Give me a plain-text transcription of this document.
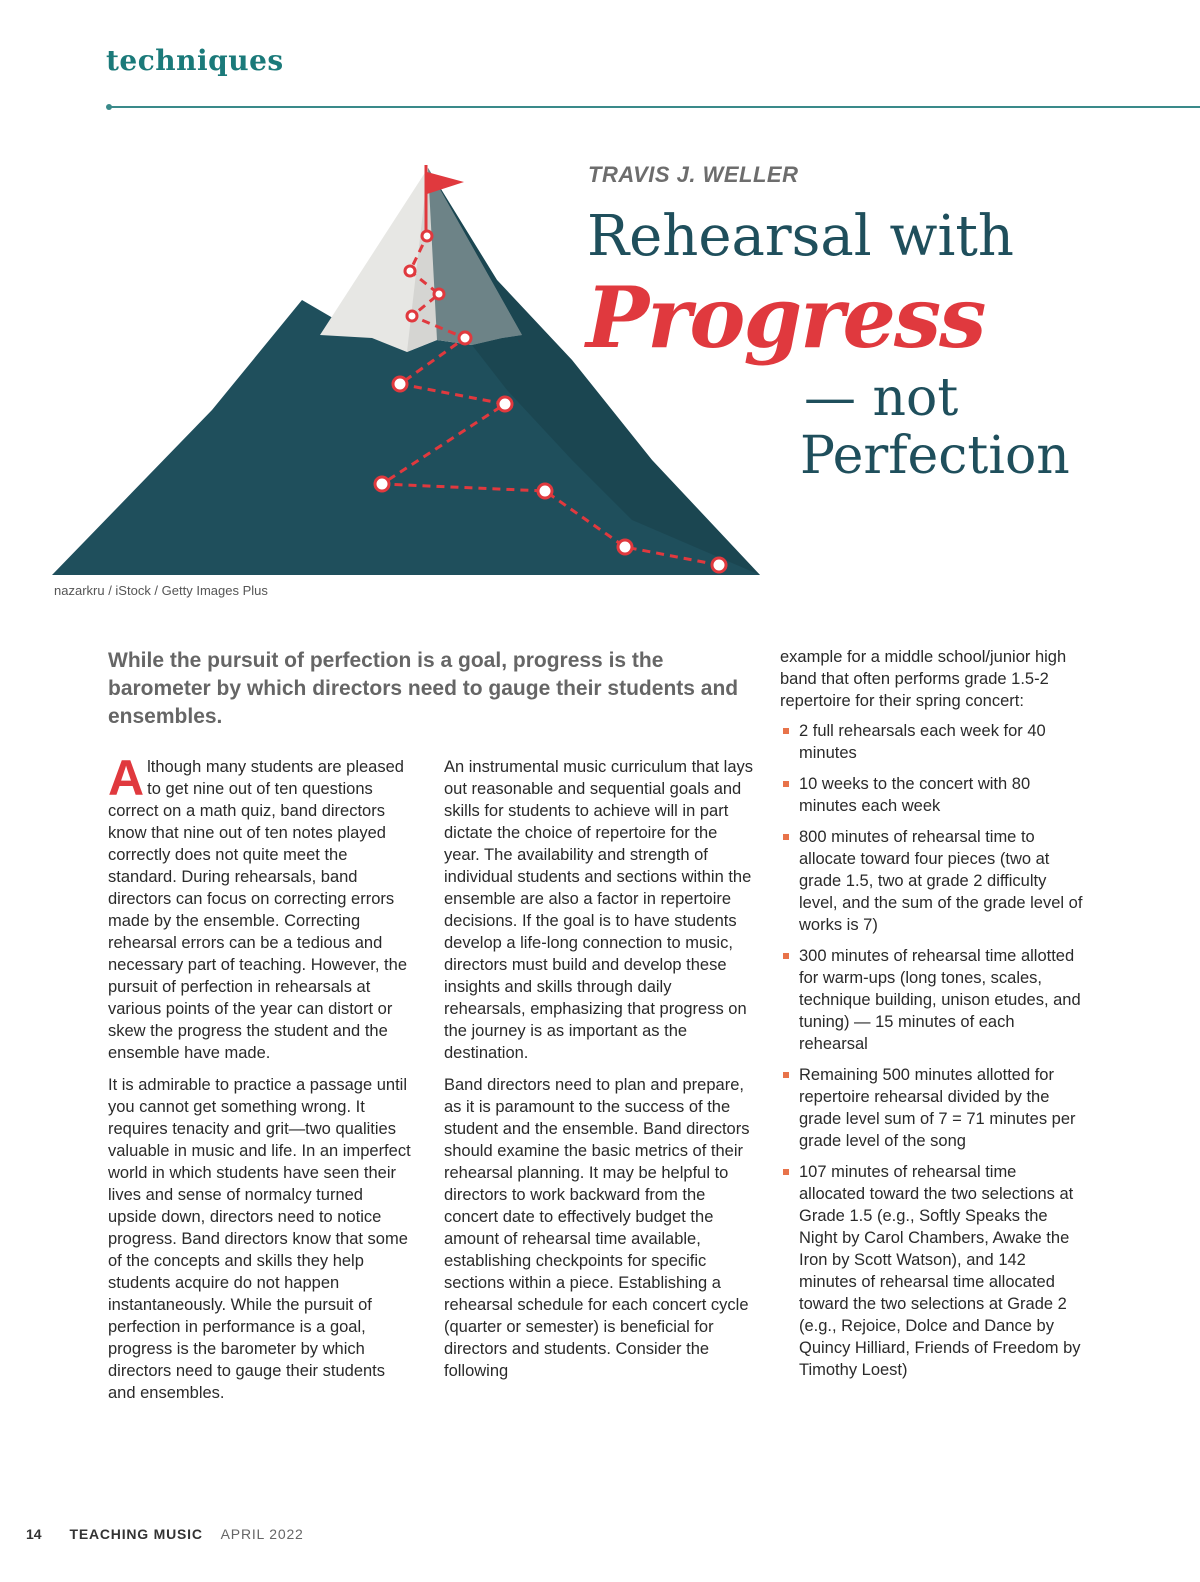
techniques
nazarkru / iStock / Getty Images Plus
TRAVIS J. WELLER
Rehearsal with
Progress
— not
Perfection
While the pursuit of perfection is a goal, progress is the barometer by which directors need to gauge their students and ensembles.

Although many students are pleased to get nine out of ten questions correct on a math quiz, band directors know that nine out of ten notes played correctly does not quite meet the standard. During rehearsals, band directors can focus on correcting errors made by the ensemble. Correcting rehearsal errors can be a tedious and necessary part of teaching. However, the pursuit of perfection in rehearsals at various points of the year can distort or skew the progress the student and the ensemble have made.

It is admirable to practice a passage until you cannot get something wrong. It requires tenacity and grit—two qualities valuable in music and life. In an imperfect world in which students have seen their lives and sense of normalcy turned upside down, directors need to notice progress. Band directors know that some of the concepts and skills they help students acquire do not happen instantaneously. While the pursuit of perfection in performance is a goal, progress is the barometer by which directors need to gauge their students and ensembles.

An instrumental music curriculum that lays out reasonable and sequential goals and skills for students to achieve will in part dictate the choice of repertoire for the year. The availability and strength of individual students and sections within the ensemble are also a factor in repertoire decisions. If the goal is to have students develop a life-long connection to music, directors must build and develop these insights and skills through daily rehearsals, emphasizing that progress on the journey is as important as the destination.

Band directors need to plan and prepare, as it is paramount to the success of the student and the ensemble. Band directors should examine the basic metrics of their rehearsal planning. It may be helpful to directors to work backward from the concert date to effectively budget the amount of rehearsal time available, establishing checkpoints for specific sections within a piece. Establishing a rehearsal schedule for each concert cycle (quarter or semester) is beneficial for directors and students. Consider the following

example for a middle school/junior high band that often performs grade 1.5-2 repertoire for their spring concert:

2 full rehearsals each week for 40 minutes
10 weeks to the concert with 80 minutes each week
800 minutes of rehearsal time to allocate toward four pieces (two at grade 1.5, two at grade 2 difficulty level, and the sum of the grade level of works is 7)
300 minutes of rehearsal time allotted for warm-ups (long tones, scales, technique building, unison etudes, and tuning) — 15 minutes of each rehearsal
Remaining 500 minutes allotted for repertoire rehearsal divided by the grade level sum of 7 = 71 minutes per grade level of the song
107 minutes of rehearsal time allocated toward the two selections at Grade 1.5 (e.g., Softly Speaks the Night by Carol Chambers, Awake the Iron by Scott Watson), and 142 minutes of rehearsal time allocated toward the two selections at Grade 2 (e.g., Rejoice, Dolce and Dance by Quincy Hilliard, Friends of Freedom by Timothy Loest)
14 TEACHING MUSIC APRIL 2022
